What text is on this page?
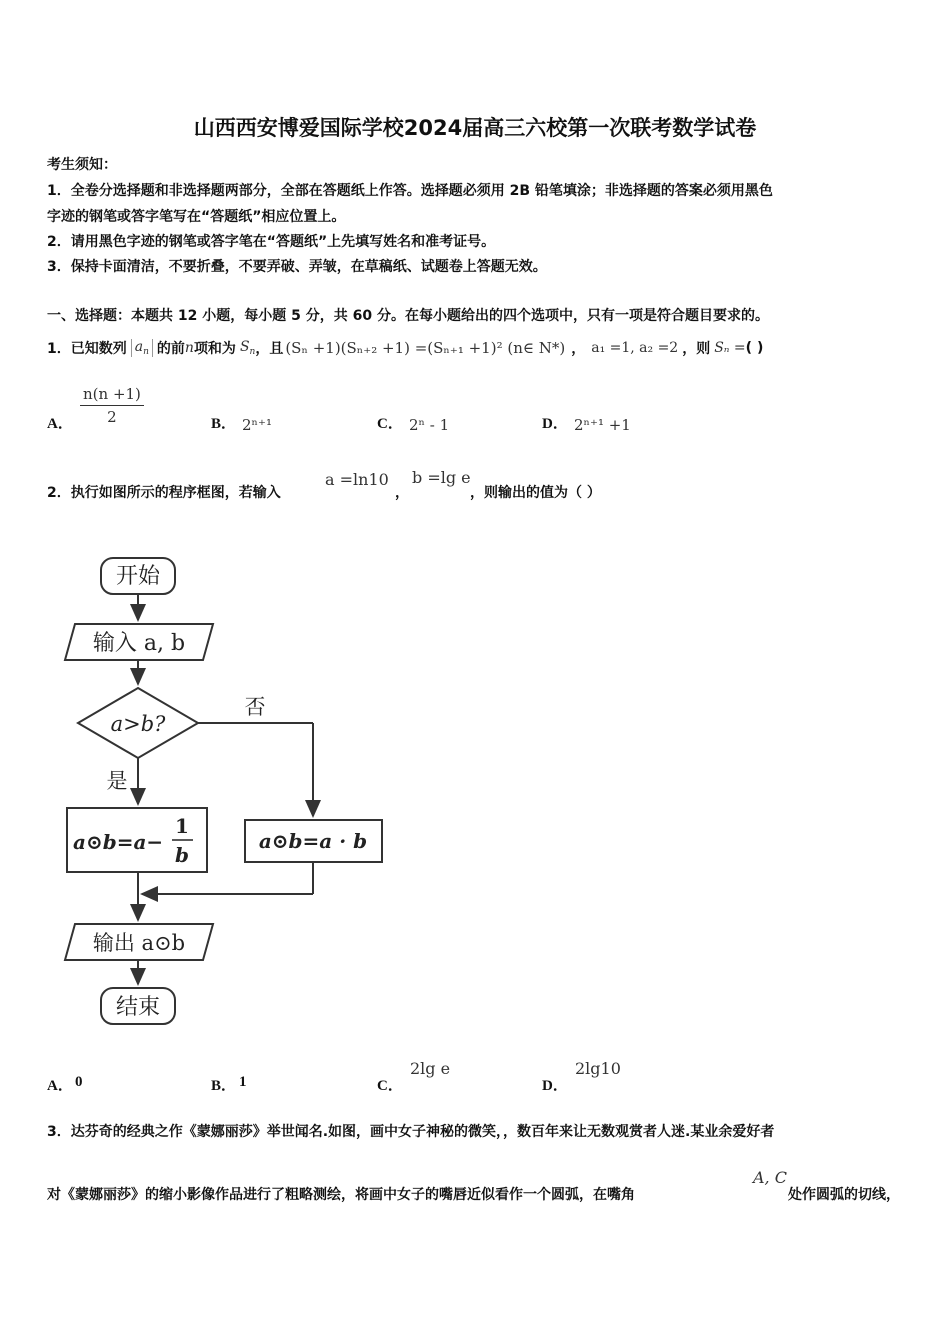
山西西安博爱国际学校2024届高三六校第一次联考数学试卷
考生须知：
1．全卷分选择题和非选择题两部分，全部在答题纸上作答。选择题必须用 2B 铅笔填涂；非选择题的答案必须用黑色
字迹的钢笔或答字笔写在“答题纸”相应位置上。
2．请用黑色字迹的钢笔或答字笔在“答题纸”上先填写姓名和准考证号。
3．保持卡面清洁，不要折叠，不要弄破、弄皱，在草稿纸、试题卷上答题无效。
一、选择题：本题共 12 小题，每小题 5 分，共 60 分。在每小题给出的四个选项中，只有一项是符合题目要求的。
1．已知数列 $a_n$ 的前 n 项和为 $S_n$ ，且 (Sₙ +1)(Sₙ₊₂ +1) =(Sₙ₊₁ +1)² (n∈ N*) ， a₁ =1, a₂ =2 ，则 Sₙ = ( )
A． $\frac{n(n +1)}{2}$	B． 2ⁿ⁺¹	C． 2ⁿ - 1	D． 2ⁿ⁺¹ +1
2．执行如图所示的程序框图，若输入
a =ln10
，
b =lg e
，则输出的值为（ ）
开始
输入 a, b
a>b?
否
是
a⊙b=a−
1
b
a⊙b=a · b
输出 a⊙b
结束
A． 0	B． 1	C．
2lg e
D．
2lg10
3．达芬奇的经典之作《蒙娜丽莎》举世闻名.如图，画中女子神秘的微笑，，数百年来让无数观赏者人迷.某业余爱好者
对《蒙娜丽莎》的缩小影像作品进行了粗略测绘，将画中女子的嘴唇近似看作一个圆弧，在嘴角
A, C
处作圆弧的切线，
